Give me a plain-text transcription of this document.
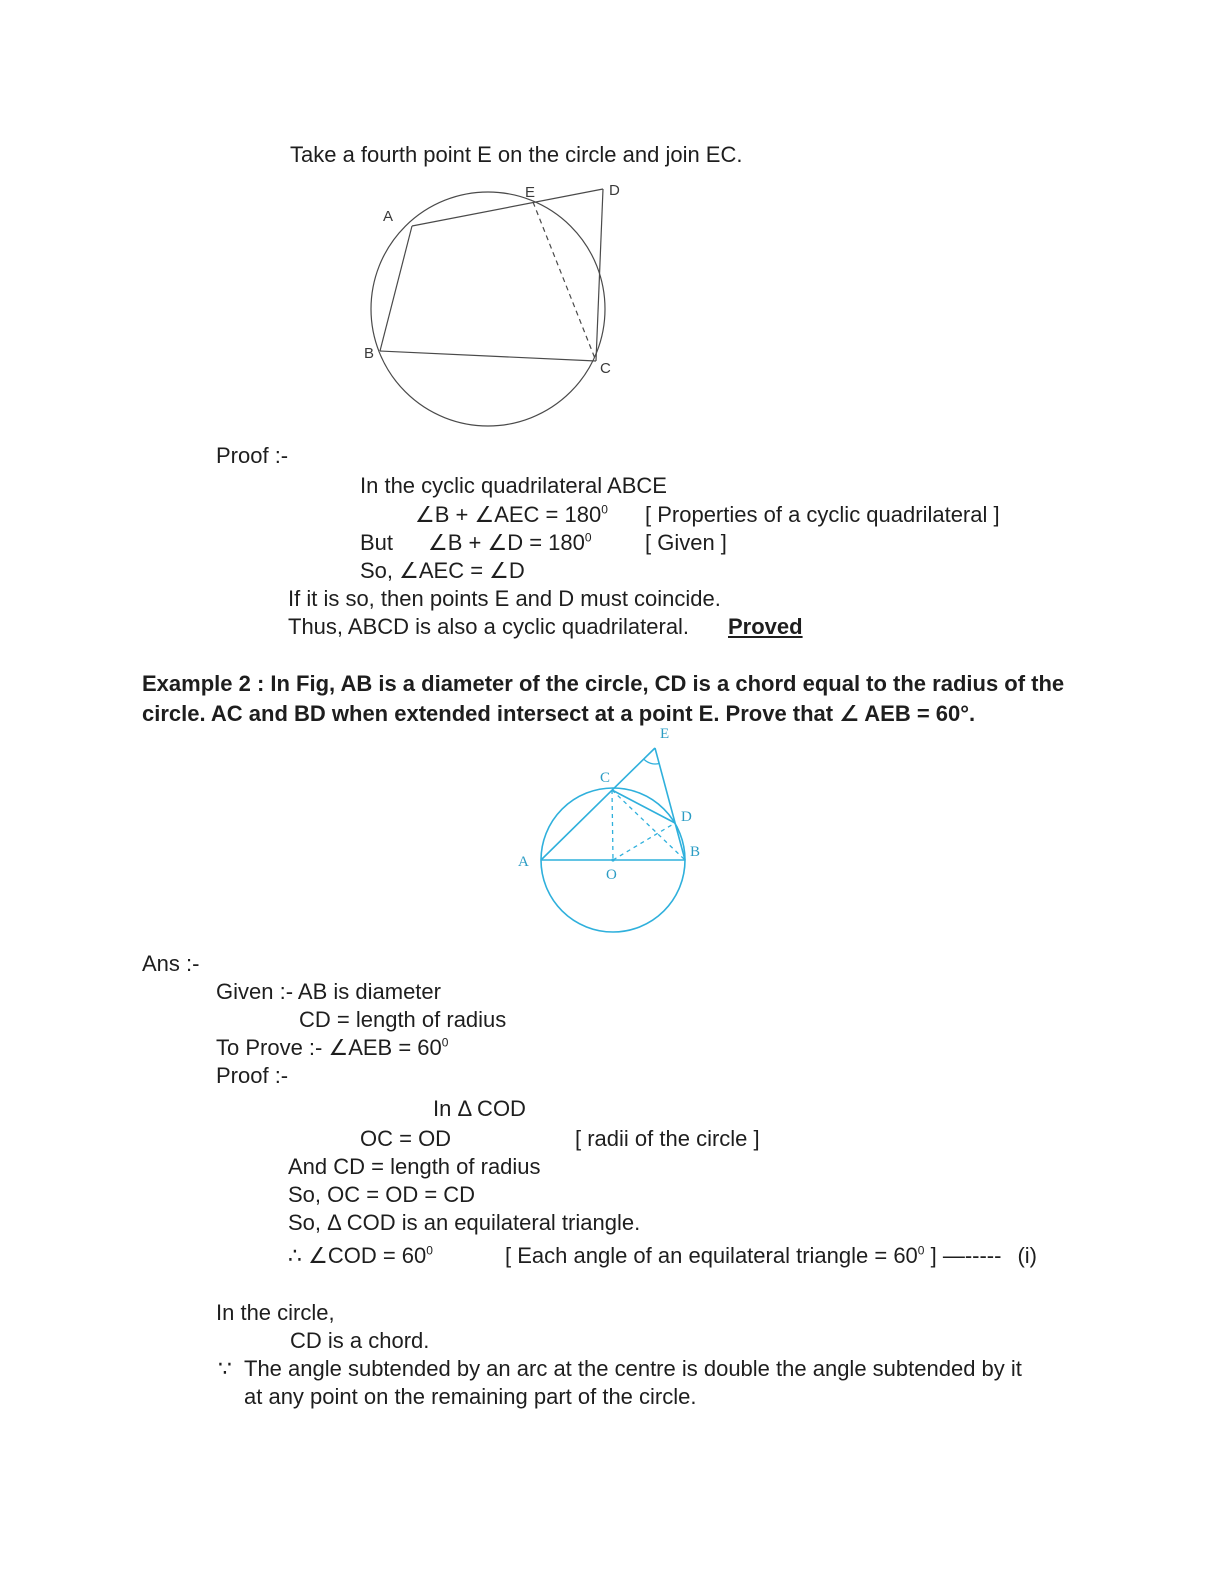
Take a fourth point E on the circle and join EC.
A
B
C
D
E
Proof :-
In the cyclic quadrilateral ABCE
∠B + ∠AEC = $180^0$ [ Properties of a cyclic quadrilateral ]
But ∠B + ∠D = $180^0$ [ Given ]
So, ∠AEC = ∠D
If it is so, then points E and D must coincide.
Thus, ABCD is also a cyclic quadrilateral. Proved
Example 2 : In Fig, AB is a diameter of the circle, CD is a chord equal to the radius of the
circle. AC and BD when extended intersect at a point E. Prove that ∠ AEB = 60°.
A
B
C
D
E
O
Ans :-
Given :- AB is diameter
CD = length of radius
To Prove :- ∠AEB = $60^0$
Proof :-
In Δ COD
OC = OD	[ radii of the circle ]
And CD = length of radius
So, OC = OD = CD
So, Δ COD is an equilateral triangle.
∴ ∠COD = $60^0$	[ Each angle of an equilateral triangle = $60^0$ ] —----- (i)
In the circle,
CD is a chord.
∵ The angle subtended by an arc at the centre is double the angle subtended by it
at any point on the remaining part of the circle.
